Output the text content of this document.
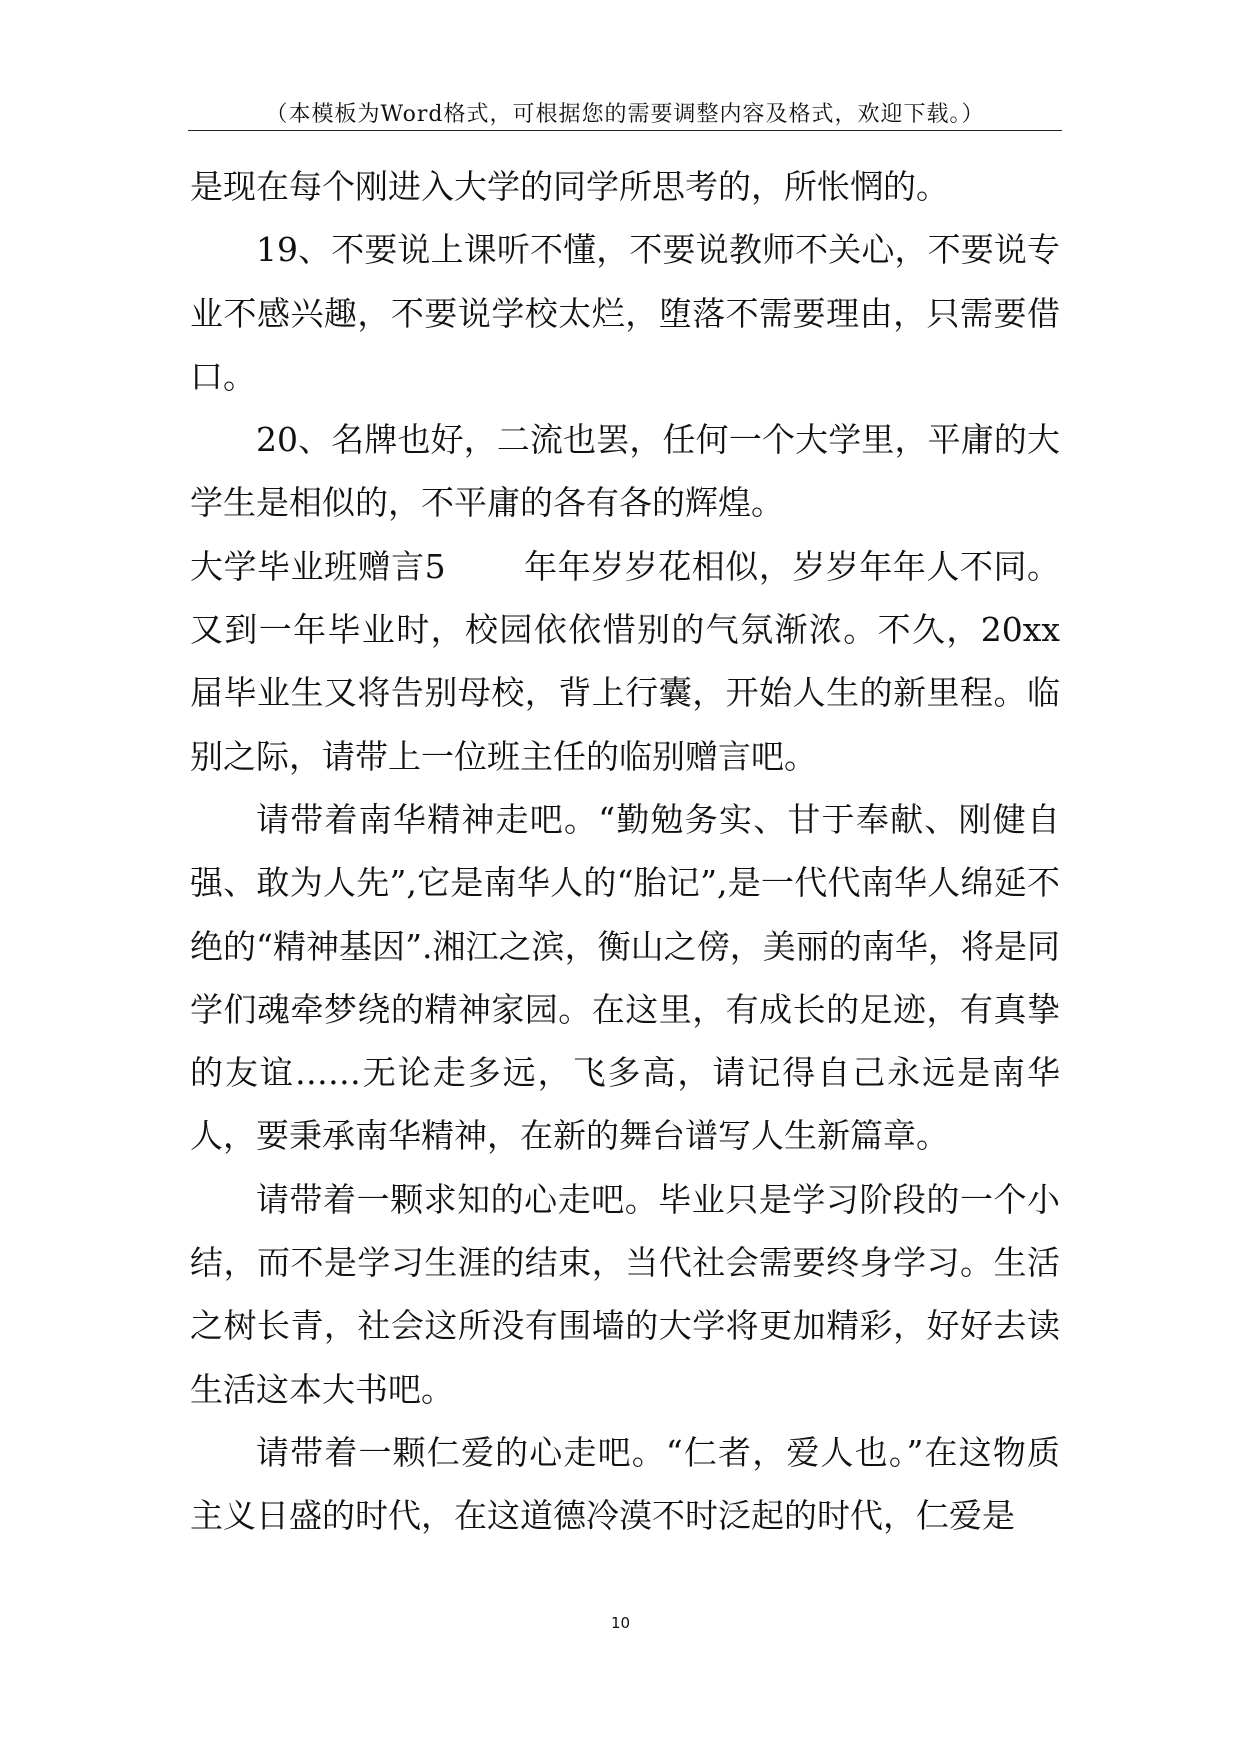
（本模板为Word格式，可根据您的需要调整内容及格式，欢迎下载。）

是现在每个刚进入大学的同学所思考的，所怅惘的。

19、不要说上课听不懂，不要说教师不关心，不要说专业不感兴趣，不要说学校太烂，堕落不需要理由，只需要借口。

20、名牌也好，二流也罢，任何一个大学里，平庸的大学生是相似的，不平庸的各有各的辉煌。

大学毕业班赠言5 年年岁岁花相似，岁岁年年人不同。又到一年毕业时，校园依依惜别的气氛渐浓。不久，20xx届毕业生又将告别母校，背上行囊，开始人生的新里程。临别之际，请带上一位班主任的临别赠言吧。

请带着南华精神走吧。“勤勉务实、甘于奉献、刚健自强、敢为人先”,它是南华人的“胎记”,是一代代南华人绵延不绝的“精神基因”.湘江之滨，衡山之傍，美丽的南华，将是同学们魂牵梦绕的精神家园。在这里，有成长的足迹，有真挚的友谊……无论走多远，飞多高，请记得自己永远是南华人，要秉承南华精神，在新的舞台谱写人生新篇章。

请带着一颗求知的心走吧。毕业只是学习阶段的一个小结，而不是学习生涯的结束，当代社会需要终身学习。生活之树长青，社会这所没有围墙的大学将更加精彩，好好去读生活这本大书吧。

请带着一颗仁爱的心走吧。“仁者，爱人也。”在这物质主义日盛的时代，在这道德冷漠不时泛起的时代，仁爱是

10
